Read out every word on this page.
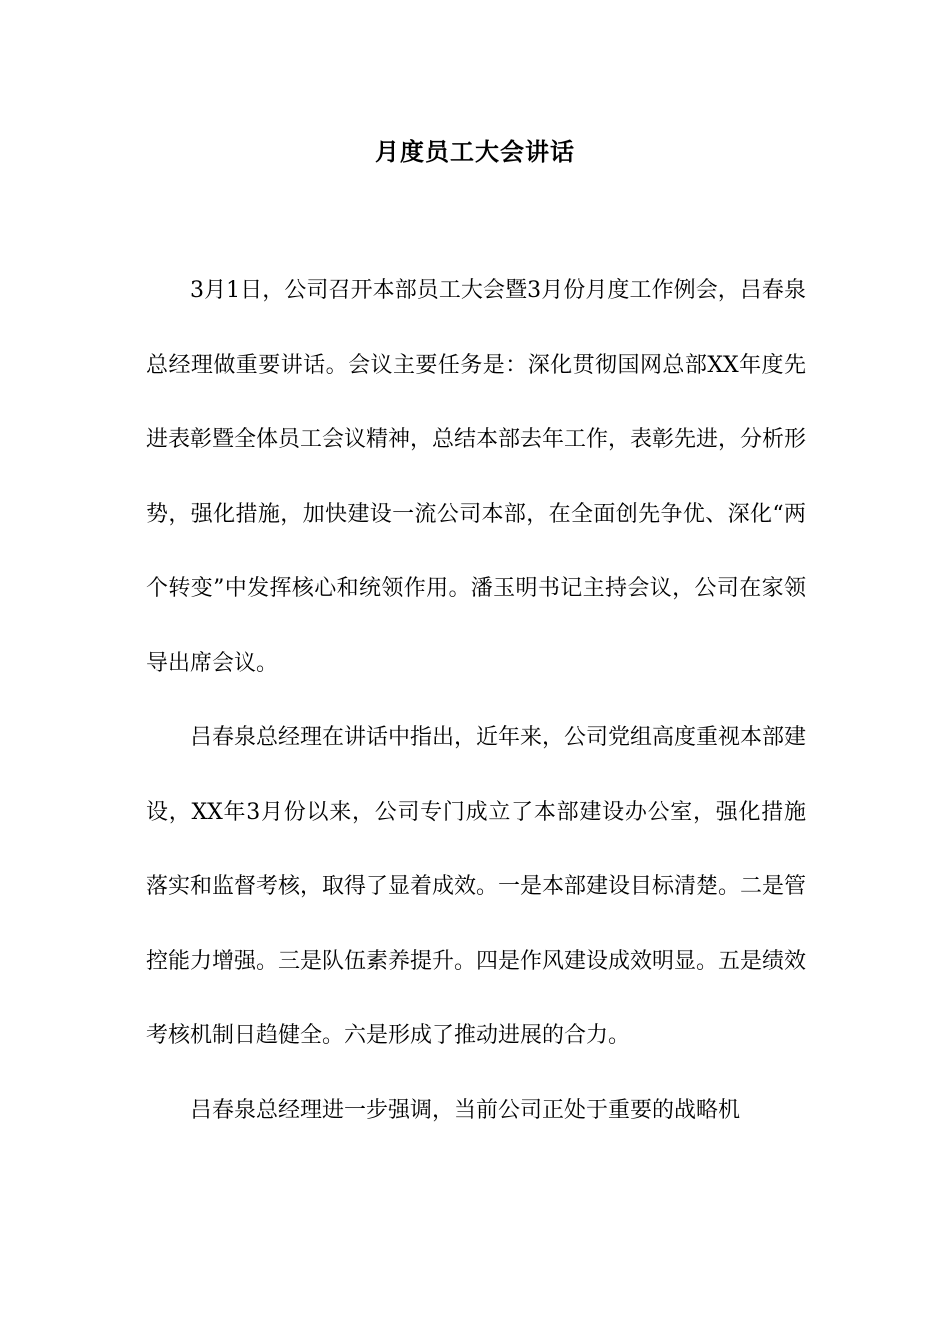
月度员工大会讲话

3月1日，公司召开本部员工大会暨3月份月度工作例会，吕春泉总经理做重要讲话。会议主要任务是：深化贯彻国网总部XX年度先进表彰暨全体员工会议精神，总结本部去年工作，表彰先进，分析形势，强化措施，加快建设一流公司本部，在全面创先争优、深化“两个转变”中发挥核心和统领作用。潘玉明书记主持会议，公司在家领导出席会议。

吕春泉总经理在讲话中指出，近年来，公司党组高度重视本部建设，XX年3月份以来，公司专门成立了本部建设办公室，强化措施落实和监督考核，取得了显着成效。一是本部建设目标清楚。二是管控能力增强。三是队伍素养提升。四是作风建设成效明显。五是绩效考核机制日趋健全。六是形成了推动进展的合力。

吕春泉总经理进一步强调，当前公司正处于重要的战略机
